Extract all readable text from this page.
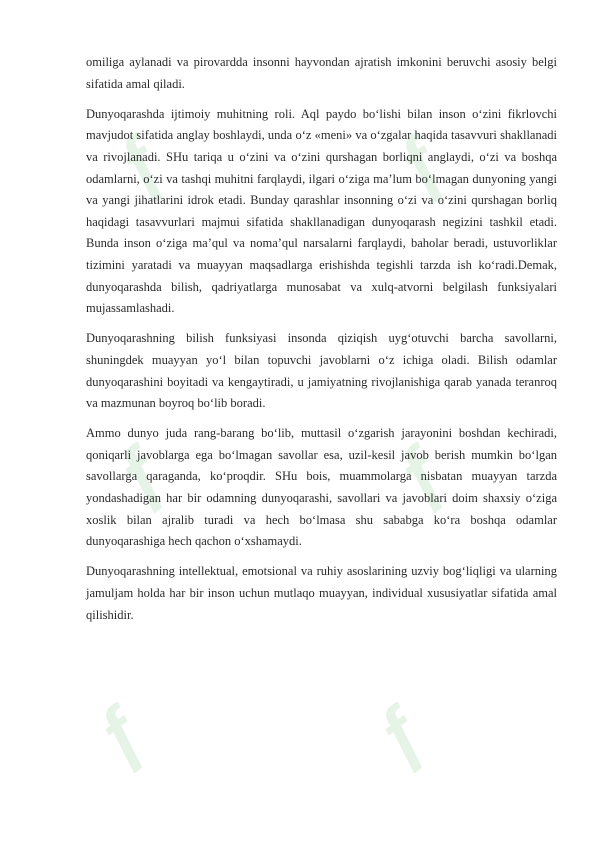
ƒ	ƒ
ƒ	ƒ
ƒ	ƒ

omiliga aylanadi va pirovardda insonni hayvondan ajratish imkonini beruvchi asosiy belgi sifatida amal qiladi.

Dunyoqarashda ijtimoiy muhitning roli. Aql paydo bo‘lishi bilan inson o‘zini fikrlovchi mavjudot sifatida anglay boshlaydi, unda o‘z «meni» va o‘zgalar haqida tasavvuri shakllanadi va rivojlanadi. SHu tariqa u o‘zini va o‘zini qurshagan borliqni anglaydi, o‘zi va boshqa odamlarni, o‘zi va tashqi muhitni farqlaydi, ilgari o‘ziga ma’lum bo‘lmagan dunyoning yangi va yangi jihatlarini idrok etadi. Bunday qarashlar insonning o‘zi va o‘zini qurshagan borliq haqidagi tasavvurlari majmui sifatida shakllanadigan dunyoqarash negizini tashkil etadi. Bunda inson o‘ziga ma’qul va noma’qul narsalarni farqlaydi, baholar beradi, ustuvorliklar tizimini yaratadi va muayyan maqsadlarga erishishda tegishli tarzda ish ko‘radi.Demak, dunyoqarashda bilish, qadriyatlarga munosabat va xulq-atvorni belgilash funksiyalari mujassamlashadi.

Dunyoqarashning bilish funksiyasi insonda qiziqish uyg‘otuvchi barcha savollarni, shuningdek muayyan yo‘l bilan topuvchi javoblarni o‘z ichiga oladi. Bilish odamlar dunyoqarashini boyitadi va kengaytiradi, u jamiyatning rivojlanishiga qarab yanada teranroq va mazmunan boyroq bo‘lib boradi.

Ammo dunyo juda rang-barang bo‘lib, muttasil o‘zgarish jarayonini boshdan kechiradi, qoniqarli javoblarga ega bo‘lmagan savollar esa, uzil-kesil javob berish mumkin bo‘lgan savollarga qaraganda, ko‘proqdir. SHu bois, muammolarga nisbatan muayyan tarzda yondashadigan har bir odamning dunyoqarashi, savollari va javoblari doim shaxsiy o‘ziga xoslik bilan ajralib turadi va hech bo‘lmasa shu sababga ko‘ra boshqa odamlar dunyoqarashiga hech qachon o‘xshamaydi.

Dunyoqarashning intellektual, emotsional va ruhiy asoslarining uzviy bog‘liqligi va ularning jamuljam holda har bir inson uchun mutlaqo muayyan, individual xususiyatlar sifatida amal qilishidir.
